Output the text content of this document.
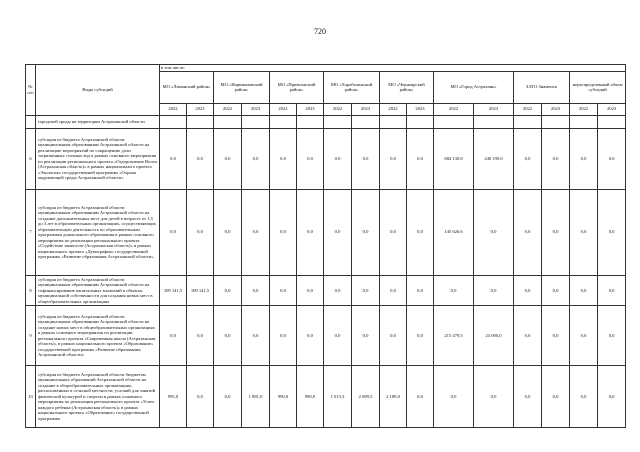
720
№ п/п	Виды субсидий	в том числе:															
		МО «Лиманский район»		МО «Наримановский район»		МО «Приволжский район»		МО «Харабалинский район»		МО «Черноярский район»		МО «Город Астрахань»		ЗАТО Знаменск		нераспределенный объем субсидий	
		2022	2023	2022	2023	2022	2023	2022	2023	2022	2023	2022	2023	2022	2023	2022	2023
	городской среды на территории Астраханской области																
6	субсидия из бюджета Астраханской области муниципальным образованиям Астраханской области на реализацию мероприятий по сокращению доли загрязненных сточных вод в рамках основного мероприятия по реализации регионального проекта «Оздоровление Волги (Астраханская область)» в рамках национального проекта «Экология» государственной программы «Охрана окружающей среды Астраханской области»	0,0	0,0	0,0	0,0	0,0	0,0	0,0	0,0	0,0	0,0	684 130,8	240 190,0	0,0	0,0	0,0	0,0
7	субсидия из бюджета Астраханской области муниципальным образованиям Астраханской области на создание дополнительных мест для детей в возрасте от 1,5 до 3 лет в образовательных организациях, осуществляющих образовательную деятельность по образовательным программам дошкольного образования в рамках основного мероприятия по реализации регионального проекта «Содействие занятости (Астраханская область)» в рамках национального проекта «Демография» государственной программы «Развитие образования Астраханской области»	0,0	0,0	0,0	0,0	0,0	0,0	0,0	0,0	0,0	0,0	145 626,6	0,0	0,0	0,0	0,0	0,0
8	субсидия из бюджета Астраханской области муниципальным образованиям Астраханской области на софинансирование капитальных вложений в объекты муниципальной собственности для создания новых мест в общеобразовательных организациях	109 141,5	109 141,5	0,0	0,0	0,0	0,0	0,0	0,0	0,0	0,0	0,0	0,0	0,0	0,0	0,0	0,0
9	субсидия из бюджета Астраханской области муниципальным образованиям Астраханской области на создание новых мест в общеобразовательных организациях в рамках основного мероприятия по реализации регионального проекта «Современная школа (Астраханская область)» в рамках национального проекта «Образование» государственной программы «Развитие образования Астраханской области»	0,0	0,0	0,0	0,0	0,0	0,0	0,0	0,0	0,0	0,0	215 479,5	23 000,0	0,0	0,0	0,0	0,0
10	субсидия из бюджета Астраханской области бюджетам муниципальных образований Астраханской области на создание в общеобразовательных организациях, расположенных в сельской местности, условий для занятий физической культурой и спортом в рамках основного мероприятия по реализации регионального проекта «Успех каждого ребенка (Астраханская область)» в рамках национального проекта «Образование» государственной программы	995,0	0,0	0,0	1 881,0	990,0	990,0	1 013,3	2 089,5	2 189,0	0,0	0,0	0,0	0,0	0,0	0,0	0,0
